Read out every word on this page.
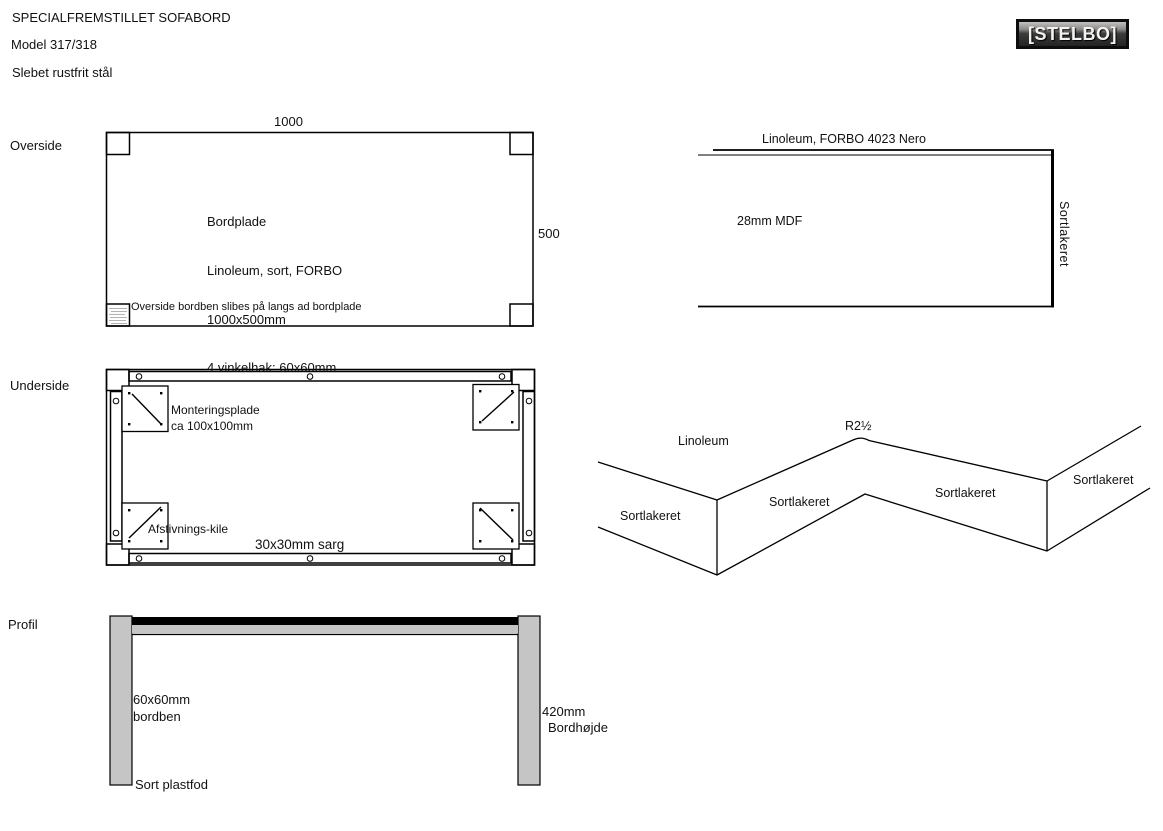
SPECIALFREMSTILLET SOFABORD
Model 317/318
Slebet rustfrit stål
[STELBO]
Overside
1000
500

Bordplade

Linoleum, sort, FORBO

1000x500mm

4 vinkelhak: 60x60mm

Overside bordben slibes på langs ad bordplade
Linoleum, FORBO 4023 Nero
28mm MDF	Sortlakeret
Underside
Monteringsplade
ca 100x100mm
Afstivnings-kile
30x30mm sarg
Linoleum
R2½
Sortlakeret
Sortlakeret
Sortlakeret
Sortlakeret
Profil
60x60mm
bordben	420mm
Bordhøjde
Sort plastfod
